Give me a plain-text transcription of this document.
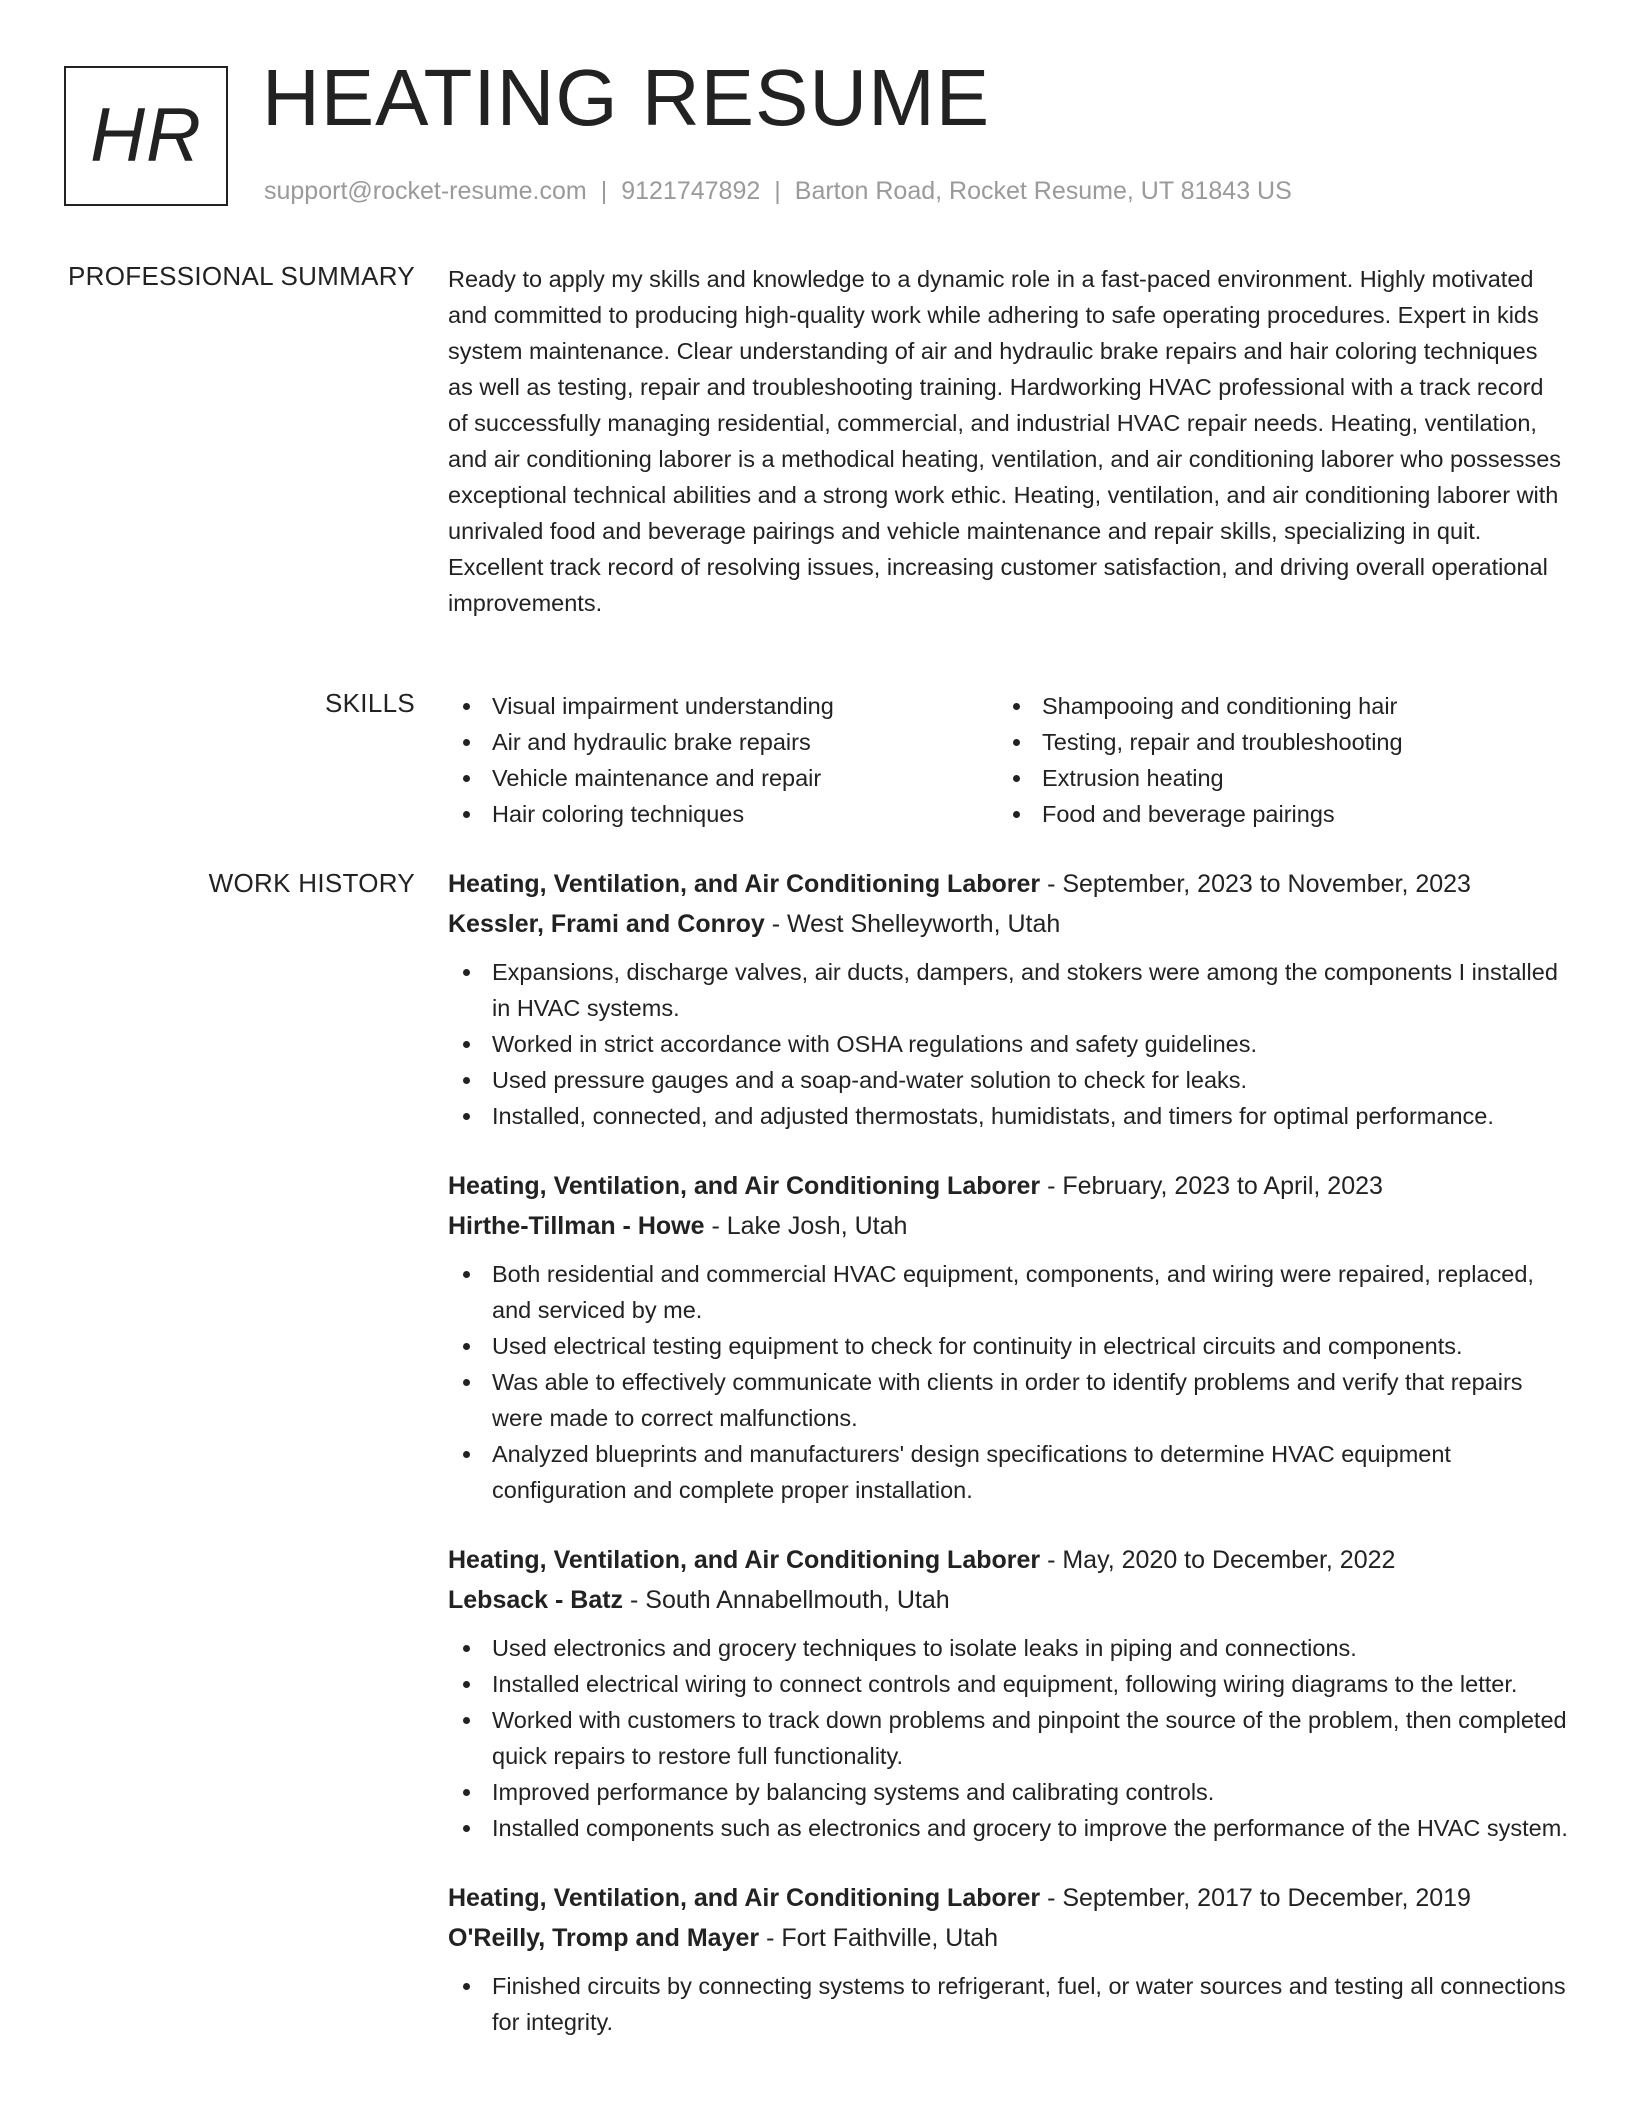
HR HEATING RESUME
support@rocket-resume.com | 9121747892 | Barton Road, Rocket Resume, UT 81843 US
PROFESSIONAL SUMMARY Ready to apply my skills and knowledge to a dynamic role in a fast-paced environment. Highly motivated and committed to producing high-quality work while adhering to safe operating procedures. Expert in kids system maintenance. Clear understanding of air and hydraulic brake repairs and hair coloring techniques as well as testing, repair and troubleshooting training. Hardworking HVAC professional with a track record of successfully managing residential, commercial, and industrial HVAC repair needs. Heating, ventilation, and air conditioning laborer is a methodical heating, ventilation, and air conditioning laborer who possesses exceptional technical abilities and a strong work ethic. Heating, ventilation, and air conditioning laborer with unrivaled food and beverage pairings and vehicle maintenance and repair skills, specializing in quit. Excellent track record of resolving issues, increasing customer satisfaction, and driving overall operational improvements.

SKILLS	Visual impairment understanding
Air and hydraulic brake repairs
Vehicle maintenance and repair
Hair coloring techniques
Shampooing and conditioning hair
Testing, repair and troubleshooting
Extrusion heating
Food and beverage pairings
WORK HISTORY Heating, Ventilation, and Air Conditioning Laborer - September, 2023 to November, 2023
Kessler, Frami and Conroy - West Shelleyworth, Utah
Expansions, discharge valves, air ducts, dampers, and stokers were among the components I installed in HVAC systems.
Worked in strict accordance with OSHA regulations and safety guidelines.
Used pressure gauges and a soap-and-water solution to check for leaks.
Installed, connected, and adjusted thermostats, humidistats, and timers for optimal performance.
Heating, Ventilation, and Air Conditioning Laborer - February, 2023 to April, 2023
Hirthe-Tillman - Howe - Lake Josh, Utah
Both residential and commercial HVAC equipment, components, and wiring were repaired, replaced, and serviced by me.
Used electrical testing equipment to check for continuity in electrical circuits and components.
Was able to effectively communicate with clients in order to identify problems and verify that repairs were made to correct malfunctions.
Analyzed blueprints and manufacturers' design specifications to determine HVAC equipment configuration and complete proper installation.
Heating, Ventilation, and Air Conditioning Laborer - May, 2020 to December, 2022
Lebsack - Batz - South Annabellmouth, Utah
Used electronics and grocery techniques to isolate leaks in piping and connections.
Installed electrical wiring to connect controls and equipment, following wiring diagrams to the letter.
Worked with customers to track down problems and pinpoint the source of the problem, then completed quick repairs to restore full functionality.
Improved performance by balancing systems and calibrating controls.
Installed components such as electronics and grocery to improve the performance of the HVAC system.
Heating, Ventilation, and Air Conditioning Laborer - September, 2017 to December, 2019
O'Reilly, Tromp and Mayer - Fort Faithville, Utah
Finished circuits by connecting systems to refrigerant, fuel, or water sources and testing all connections for integrity.
